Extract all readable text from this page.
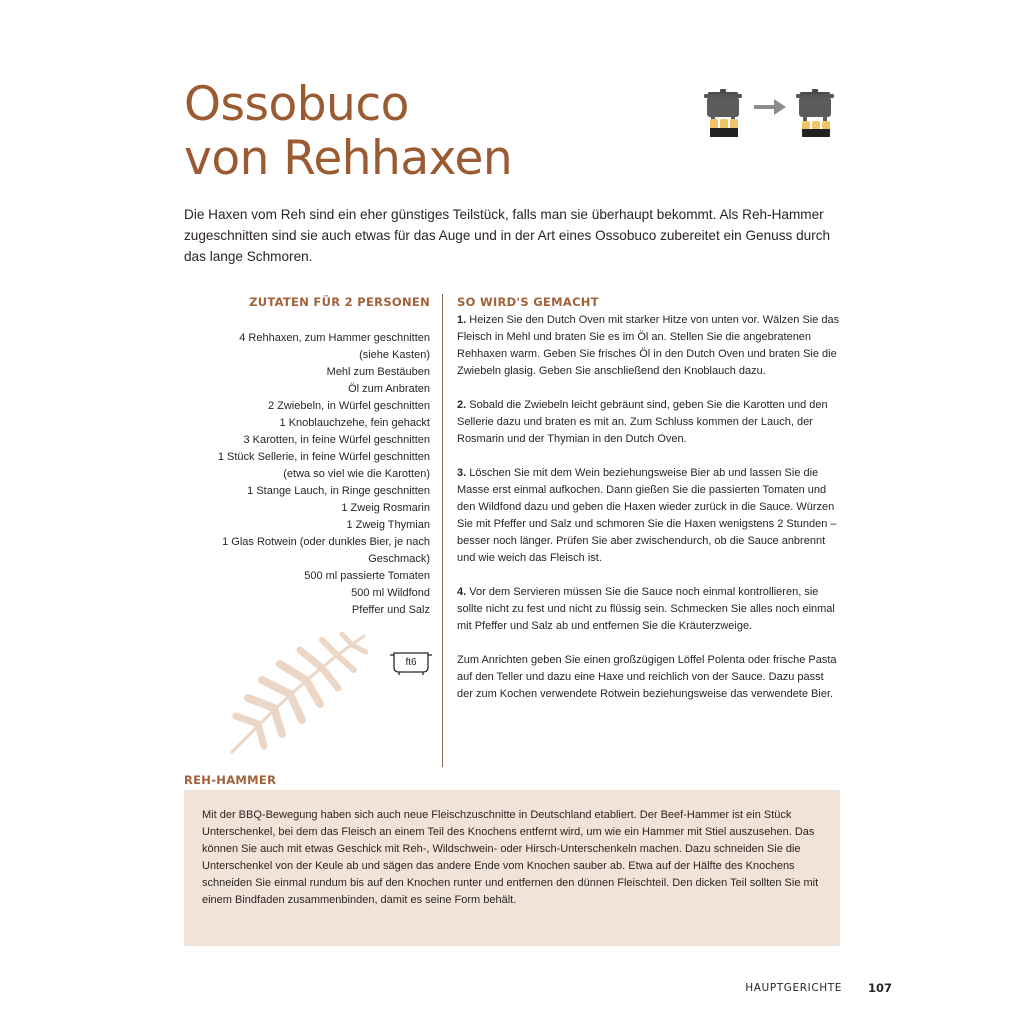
Ossobuco
von Rehhaxen

Die Haxen vom Reh sind ein eher günstiges Teilstück, falls man sie überhaupt bekommt. Als Reh-Hammer zugeschnitten sind sie auch etwas für das Auge und in der Art eines Ossobuco zubereitet ein Genuss durch das lange Schmoren.

ZUTATEN FÜR 2 PERSONEN
4 Rehhaxen, zum Hammer geschnitten
(siehe Kasten)
Mehl zum Bestäuben
Öl zum Anbraten
2 Zwiebeln, in Würfel geschnitten
1 Knoblauchzehe, fein gehackt
3 Karotten, in feine Würfel geschnitten
1 Stück Sellerie, in feine Würfel geschnitten
(etwa so viel wie die Karotten)
1 Stange Lauch, in Ringe geschnitten
1 Zweig Rosmarin
1 Zweig Thymian
1 Glas Rotwein (oder dunkles Bier, je nach
Geschmack)
500 ml passierte Tomaten
500 ml Wildfond
Pfeffer und Salz
ft6
SO WIRD'S GEMACHT

1. Heizen Sie den Dutch Oven mit starker Hitze von unten vor. Wälzen Sie das Fleisch in Mehl und braten Sie es im Öl an. Stellen Sie die angebratenen Rehhaxen warm. Geben Sie frisches Öl in den Dutch Oven und braten Sie die Zwiebeln glasig. Geben Sie anschließend den Knoblauch dazu.

2. Sobald die Zwiebeln leicht gebräunt sind, geben Sie die Karotten und den Sellerie dazu und braten es mit an. Zum Schluss kommen der Lauch, der Rosmarin und der Thymian in den Dutch Oven.

3. Löschen Sie mit dem Wein beziehungsweise Bier ab und lassen Sie die Masse erst einmal aufkochen. Dann gießen Sie die passierten Tomaten und den Wildfond dazu und geben die Haxen wieder zurück in die Sauce. Würzen Sie mit Pfeffer und Salz und schmoren Sie die Haxen wenigstens 2 Stunden – besser noch länger. Prüfen Sie aber zwischendurch, ob die Sauce anbrennt und wie weich das Fleisch ist.

4. Vor dem Servieren müssen Sie die Sauce noch einmal kontrollieren, sie sollte nicht zu fest und nicht zu flüssig sein. Schmecken Sie alles noch einmal mit Pfeffer und Salz ab und entfernen Sie die Kräuterzweige.

Zum Anrichten geben Sie einen großzügigen Löffel Polenta oder frische Pasta auf den Teller und dazu eine Haxe und reichlich von der Sauce. Dazu passt der zum Kochen verwendete Rotwein beziehungsweise das verwendete Bier.

REH-HAMMER

Mit der BBQ-Bewegung haben sich auch neue Fleischzuschnitte in Deutschland etabliert. Der Beef-Hammer ist ein Stück Unterschenkel, bei dem das Fleisch an einem Teil des Knochens entfernt wird, um wie ein Hammer mit Stiel auszusehen. Das können Sie auch mit etwas Geschick mit Reh-, Wildschwein- oder Hirsch-Unterschenkeln machen. Dazu schneiden Sie die Unterschenkel von der Keule ab und sägen das andere Ende vom Knochen sauber ab. Etwa auf der Hälfte des Knochens schneiden Sie einmal rundum bis auf den Knochen runter und entfernen den dünnen Fleischteil. Den dicken Teil sollten Sie mit einem Bindfaden zusammenbinden, damit es seine Form behält.

HAUPTGERICHTE 107
